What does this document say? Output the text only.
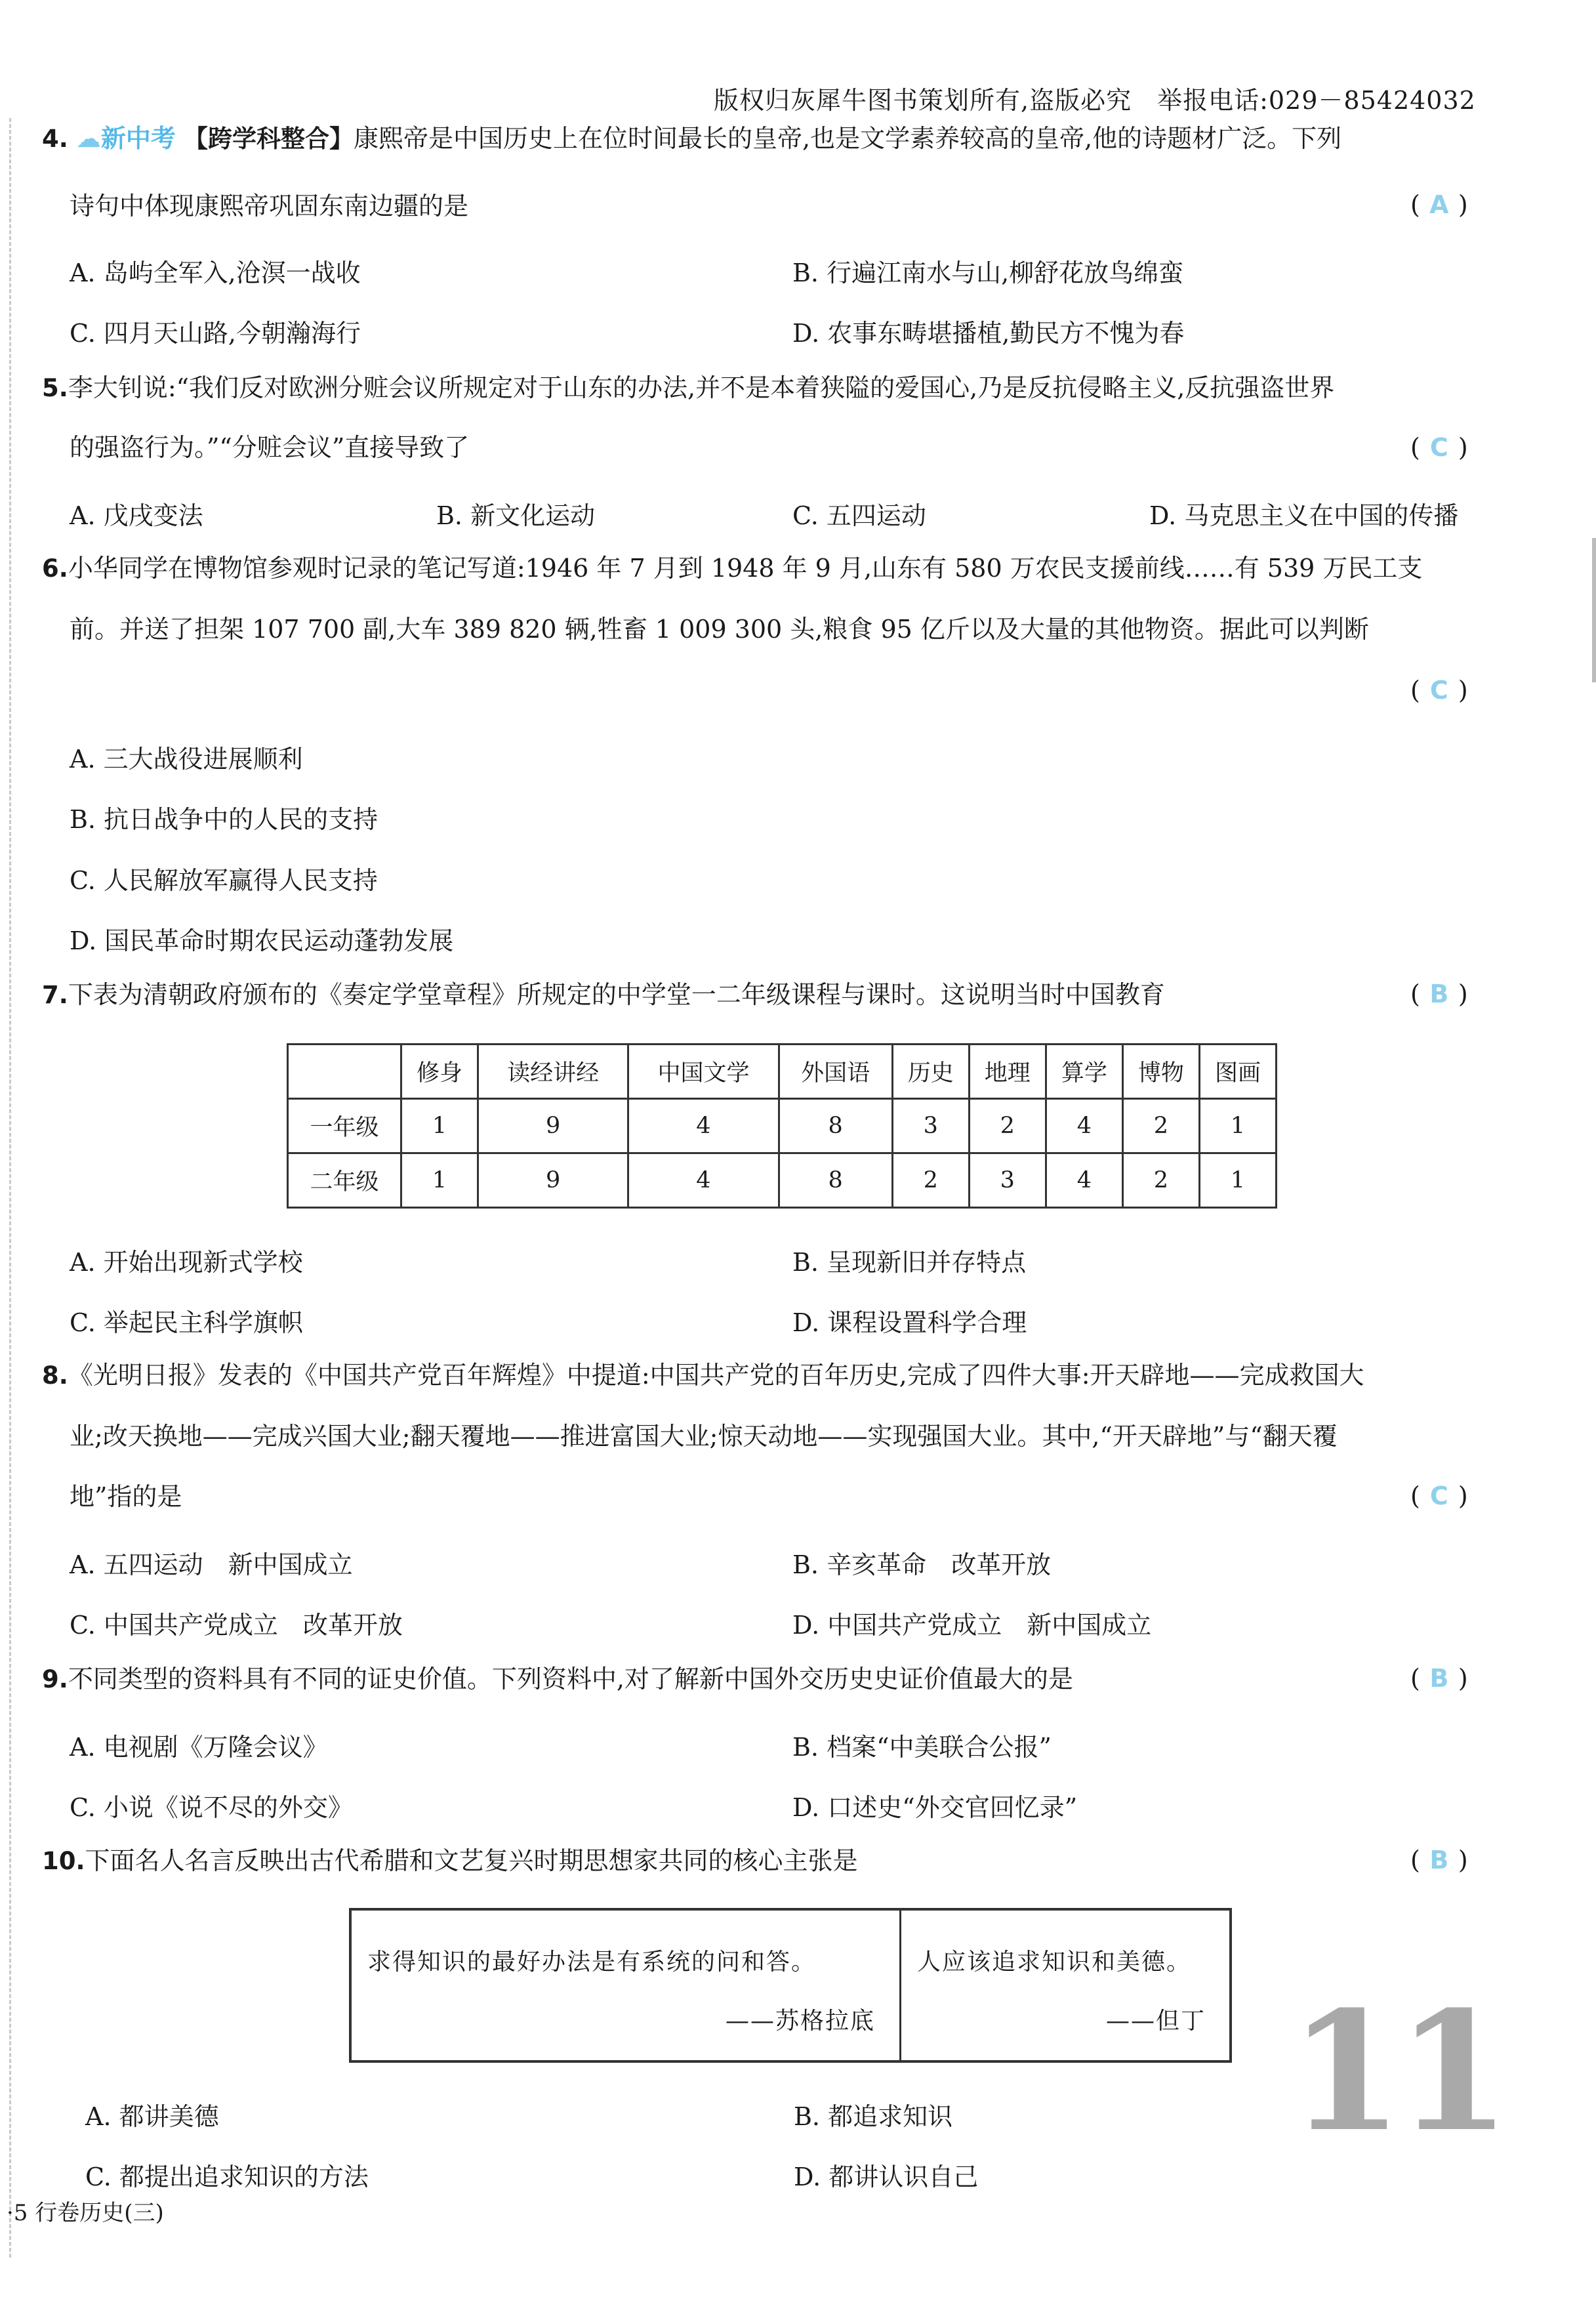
版权归灰犀牛图书策划所有,盗版必究　举报电话:029－85424032
4. ☁新中考 【跨学科整合】康熙帝是中国历史上在位时间最长的皇帝,也是文学素养较高的皇帝,他的诗题材广泛。下列
诗句中体现康熙帝巩固东南边疆的是	( A )
A. 岛屿全军入,沧溟一战收	B. 行遍江南水与山,柳舒花放鸟绵蛮
C. 四月天山路,今朝瀚海行	D. 农事东畴堪播植,勤民方不愧为春
5.李大钊说:“我们反对欧洲分赃会议所规定对于山东的办法,并不是本着狭隘的爱国心,乃是反抗侵略主义,反抗强盗世界
的强盗行为。”“分赃会议”直接导致了	( C )
A. 戊戌变法	B. 新文化运动	C. 五四运动	D. 马克思主义在中国的传播
6.小华同学在博物馆参观时记录的笔记写道:1946 年 7 月到 1948 年 9 月,山东有 580 万农民支援前线……有 539 万民工支
前。并送了担架 107 700 副,大车 389 820 辆,牲畜 1 009 300 头,粮食 95 亿斤以及大量的其他物资。据此可以判断
( C )
A. 三大战役进展顺利
B. 抗日战争中的人民的支持
C. 人民解放军赢得人民支持
D. 国民革命时期农民运动蓬勃发展
7.下表为清朝政府颁布的《奏定学堂章程》所规定的中学堂一二年级课程与课时。这说明当时中国教育	( B )
	修身	读经讲经	中国文学	外国语	历史	地理	算学	博物	图画
一年级	1	9	4	8	3	2	4	2	1
二年级	1	9	4	8	2	3	4	2	1
A. 开始出现新式学校	B. 呈现新旧并存特点
C. 举起民主科学旗帜	D. 课程设置科学合理
8.《光明日报》发表的《中国共产党百年辉煌》中提道:中国共产党的百年历史,完成了四件大事:开天辟地——完成救国大
业;改天换地——完成兴国大业;翻天覆地——推进富国大业;惊天动地——实现强国大业。其中,“开天辟地”与“翻天覆
地”指的是	( C )
A. 五四运动　新中国成立	B. 辛亥革命　改革开放
C. 中国共产党成立　改革开放	D. 中国共产党成立　新中国成立
9.不同类型的资料具有不同的证史价值。下列资料中,对了解新中国外交历史史证价值最大的是	( B )
A. 电视剧《万隆会议》	B. 档案“中美联合公报”
C. 小说《说不尽的外交》	D. 口述史“外交官回忆录”
10.下面名人名言反映出古代希腊和文艺复兴时期思想家共同的核心主张是	( B )
求得知识的最好办法是有系统的问和答。
——苏格拉底
人应该追求知识和美德。
——但丁
A. 都讲美德	B. 都追求知识
C. 都提出追求知识的方法	D. 都讲认识自己
11
·5 行卷历史(三)
